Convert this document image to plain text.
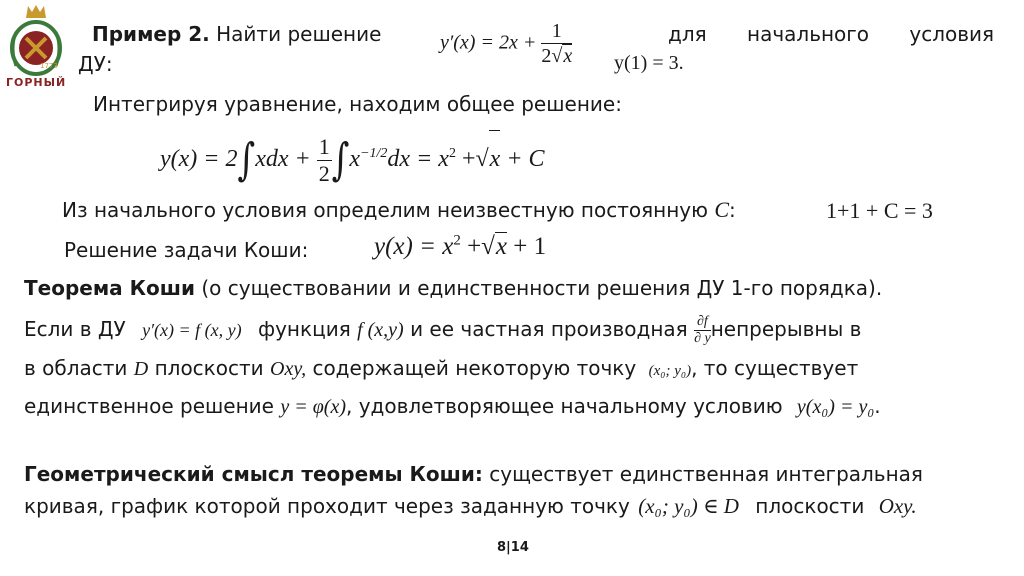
1773
ГОРНЫЙ
Пример 2. Найти решение	$y'(x) = 2x + \frac{1}{2√x} y(1) = 3$.
для начального условия
ДУ:
Интегрируя уравнение, находим общее решение:
$y(x) = 2\int xdx + \frac{1}{2} \int x^{-1/2}dx = x^2 +√x + C$
Из начального условия определим неизвестную постоянную C:	1+1 + C = 3
Решение задачи Коши:	$y(x) = x^2 +√x + 1$
Теорема Коши (о существовании и единственности решения ДУ 1-го порядка).
Если в ДУ y′(x) = f (x, y) функция f (x,y) и ее частная производная $\frac{\partial f}{\partial y}$ непрерывны в
в области D плоскости Oxy, содержащей некоторую точку (x₀; y₀), то существует
единственное решение y = φ(x), удовлетворяющее начальному условию y(x₀) = y₀.
Геометрический смысл теоремы Коши: существует единственная интегральная
кривая, график которой проходит через заданную точку (x₀; y₀) ∈ D плоскости Oxy.
8|14
